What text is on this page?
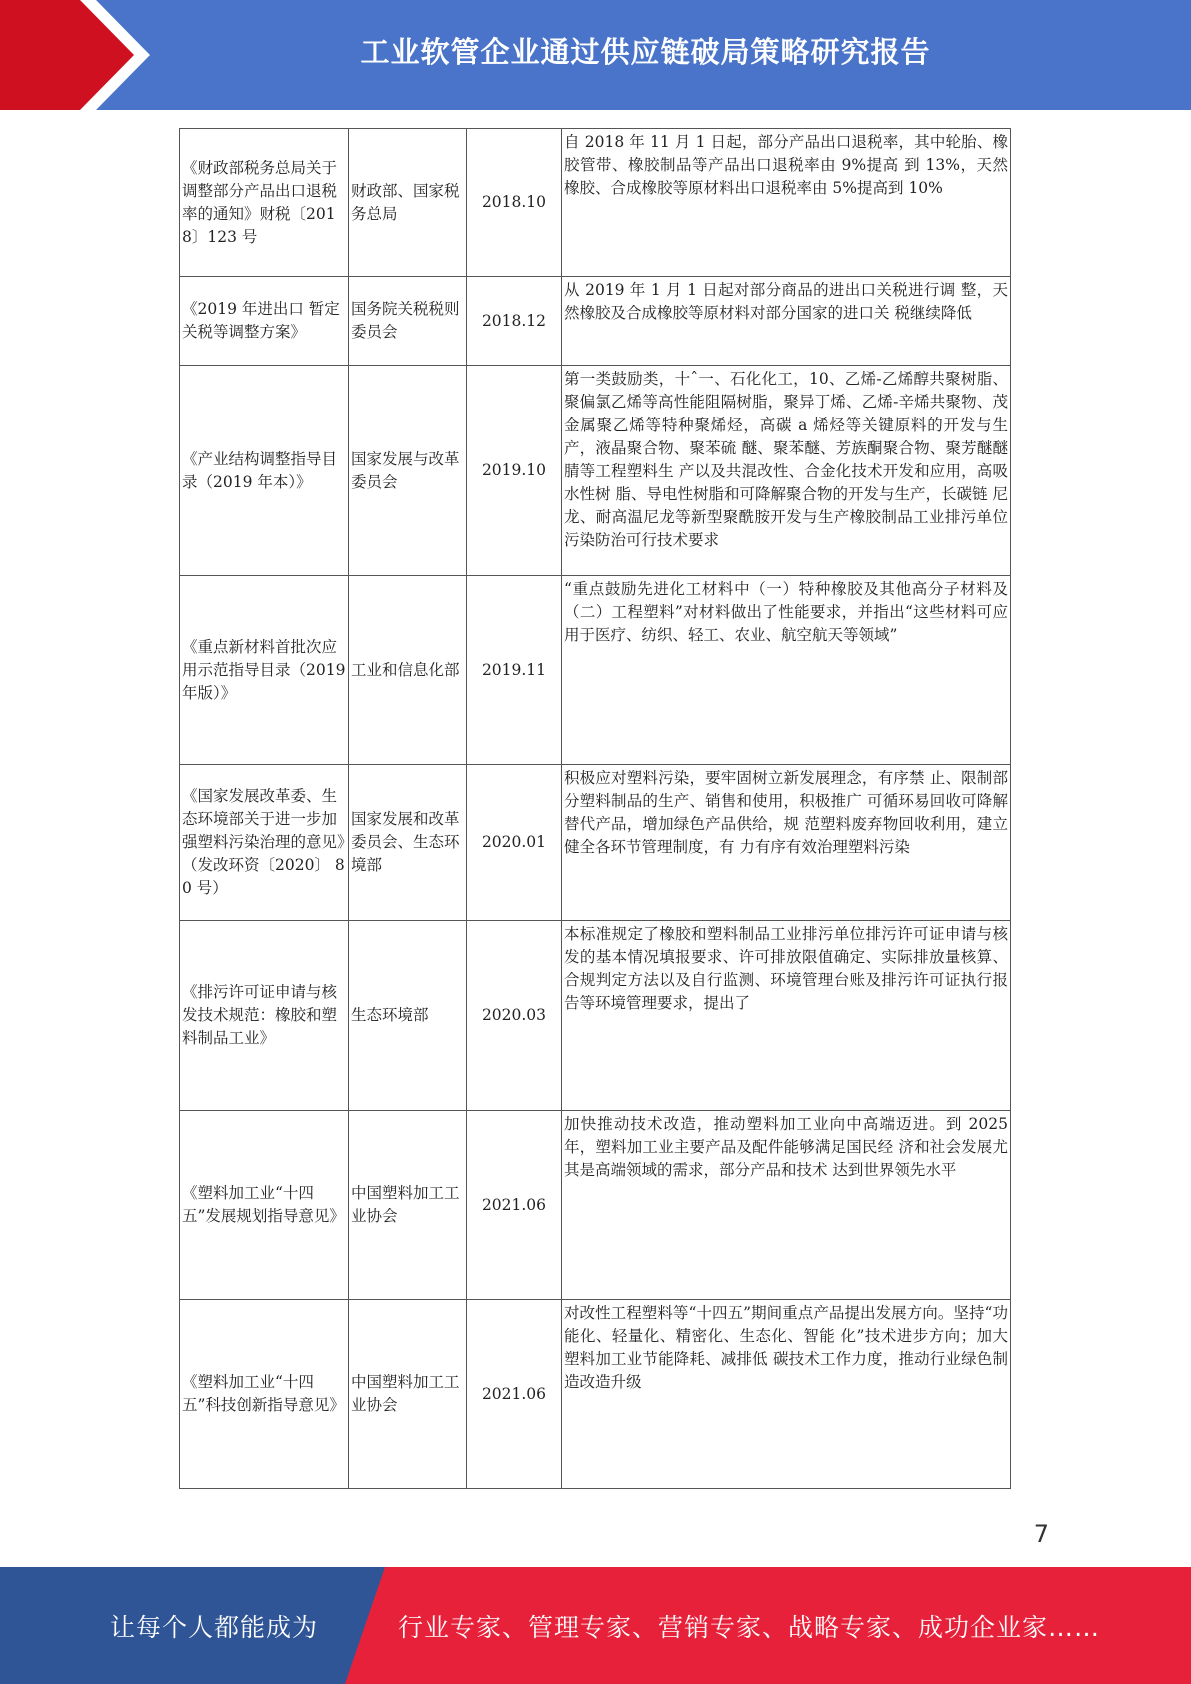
工业软管企业通过供应链破局策略研究报告
《财政部税务总局关于调整部分产品出口退税率的通知》财税〔2018〕123 号	财政部、国家税务总局	2018.10	自 2018 年 11 月 1 日起，部分产品出口退税率，其中轮胎、橡胶管带、橡胶制品等产品出口退税率由 9%提高 到 13%，天然橡胶、合成橡胶等原材料出口退税率由 5%提高到 10%
《2019 年进出口 暂定关税等调整方案》	国务院关税税则委员会	2018.12	从 2019 年 1 月 1 日起对部分商品的进出口关税进行调 整，天然橡胶及合成橡胶等原材料对部分国家的进口关 税继续降低
《产业结构调整指导目录（2019 年本）》	国家发展与改革委员会	2019.10	第一类鼓励类，十ˆ一、石化化工，10、乙烯-乙烯醇共聚树脂、聚偏氯乙烯等高性能阻隔树脂，聚异丁烯、乙烯-辛烯共聚物、茂金属聚乙烯等特种聚烯烃，高碳 a 烯烃等关键原料的开发与生产，液晶聚合物、聚苯硫 醚、聚苯醚、芳族酮聚合物、聚芳醚醚腈等工程塑料生 产以及共混改性、合金化技术开发和应用，高吸水性树 脂、导电性树脂和可降解聚合物的开发与生产，长碳链 尼龙、耐高温尼龙等新型聚酰胺开发与生产橡胶制品工业排污单位污染防治可行技术要求
《重点新材料首批次应用示范指导目录（2019 年版）》	工业和信息化部	2019.11	“重点鼓励先进化工材料中（一）特种橡胶及其他高分子材料及（二）工程塑料”对材料做出了性能要求，并指出“这些材料可应用于医疗、纺织、轻工、农业、航空航天等领域”
《国家发展改革委、生态环境部关于进一步加强塑料污染治理的意见》（发改环资〔2020〕 80 号）	国家发展和改革委员会、生态环境部	2020.01	积极应对塑料污染，要牢固树立新发展理念，有序禁 止、限制部分塑料制品的生产、销售和使用，积极推广 可循环易回收可降解替代产品，增加绿色产品供给，规 范塑料废弃物回收利用，建立健全各环节管理制度，有 力有序有效治理塑料污染
《排污许可证申请与核发技术规范：橡胶和塑料制品工业》	生态环境部	2020.03	本标准规定了橡胶和塑料制品工业排污单位排污许可证申请与核发的基本情况填报要求、许可排放限值确定、实际排放量核算、合规判定方法以及自行监测、环境管理台账及排污许可证执行报告等环境管理要求，提出了
《塑料加工业“十四五”发展规划指导意见》	中国塑料加工工业协会	2021.06	加快推动技术改造，推动塑料加工业向中高端迈进。到 2025 年，塑料加工业主要产品及配件能够满足国民经 济和社会发展尤其是高端领域的需求，部分产品和技术 达到世界领先水平
《塑料加工业“十四五”科技创新指导意见》	中国塑料加工工业协会	2021.06	对改性工程塑料等“十四五”期间重点产品提出发展方向。坚持“功能化、轻量化、精密化、生态化、智能 化”技术进步方向；加大塑料加工业节能降耗、减排低 碳技术工作力度，推动行业绿色制造改造升级
7
让每个人都能成为	行业专家、管理专家、营销专家、战略专家、成功企业家……
